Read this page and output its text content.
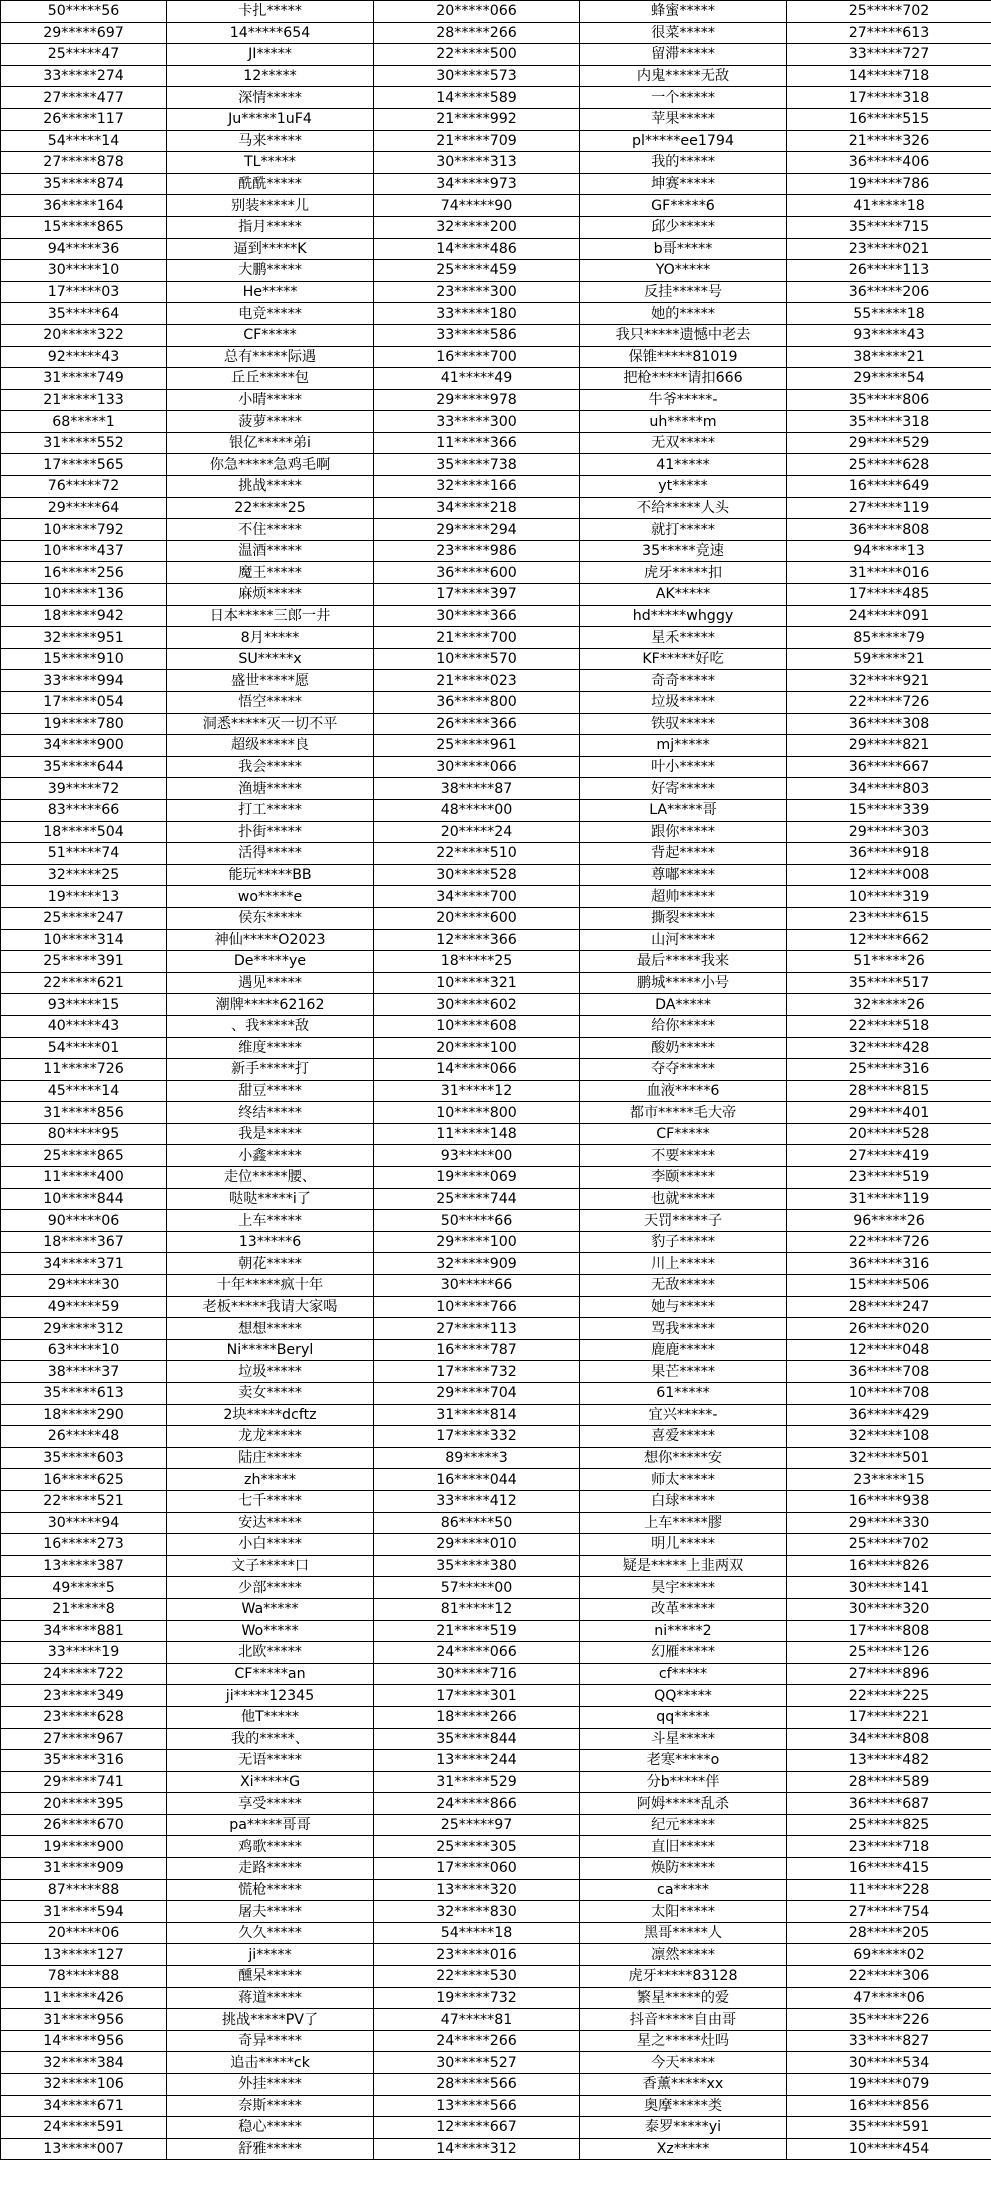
	50*****56	卡扎*****	20*****066	蜂蜜*****	25*****702
	29*****697	14*****654	28*****266	很菜*****	27*****613
	25*****47	JI*****	22*****500	留滞*****	33*****727
	33*****274	12*****	30*****573	内鬼*****无敌	14*****718
	27*****477	深情*****	14*****589	一个*****	17*****318
	26*****117	Ju*****1uF4	21*****992	苹果*****	16*****515
	54*****14	马来*****	21*****709	pl*****ee1794	21*****326
	27*****878	TL*****	30*****313	我的*****	36*****406
	35*****874	酰酰*****	34*****973	坤赛*****	19*****786
	36*****164	别装*****儿	74*****90	GF*****6	41*****18
	15*****865	指月*****	32*****200	邱少*****	35*****715
	94*****36	逼到*****K	14*****486	b哥*****	23*****021
	30*****10	大鹏*****	25*****459	YO*****	26*****113
	17*****03	He*****	23*****300	反挂*****号	36*****206
	35*****64	电竞*****	33*****180	她的*****	55*****18
	20*****322	CF*****	33*****586	我只*****遗憾中老去	93*****43
	92*****43	总有*****际遇	16*****700	保锥*****81019	38*****21
	31*****749	丘丘*****包	41*****49	把枪*****请扣666	29*****54
	21*****133	小晴*****	29*****978	牛爷*****-	35*****806
	68*****1	菠萝*****	33*****300	uh*****m	35*****318
	31*****552	银亿*****弟i	11*****366	无双*****	29*****529
	17*****565	你急*****急鸡毛啊	35*****738	41*****	25*****628
	76*****72	挑战*****	32*****166	yt*****	16*****649
	29*****64	22*****25	34*****218	不给*****人头	27*****119
	10*****792	不住*****	29*****294	就打*****	36*****808
	10*****437	温酒*****	23*****986	35*****竞速	94*****13
	16*****256	魔王*****	36*****600	虎牙*****扣	31*****016
	10*****136	麻烦*****	17*****397	AK*****	17*****485
	18*****942	日本*****三郎一井	30*****366	hd*****whggy	24*****091
	32*****951	8月*****	21*****700	星禾*****	85*****79
	15*****910	SU*****x	10*****570	KF*****好吃	59*****21
	33*****994	盛世*****愿	21*****023	奇奇*****	32*****921
	17*****054	悟空*****	36*****800	垃圾*****	22*****726
	19*****780	洞悉*****灭一切不平	26*****366	铁驭*****	36*****308
	34*****900	超级*****良	25*****961	mj*****	29*****821
	35*****644	我会*****	30*****066	叶小*****	36*****667
	39*****72	渔塘*****	38*****87	好寄*****	34*****803
	83*****66	打工*****	48*****00	LA*****哥	15*****339
	18*****504	扑街*****	20*****24	跟你*****	29*****303
	51*****74	活得*****	22*****510	背起*****	36*****918
	32*****25	能玩*****BB	30*****528	尊嘟*****	12*****008
	19*****13	wo*****e	34*****700	超帅*****	10*****319
	25*****247	侯东*****	20*****600	撕裂*****	23*****615
	10*****314	神仙*****O2023	12*****366	山河*****	12*****662
	25*****391	De*****ye	18*****25	最后*****我来	51*****26
	22*****621	遇见*****	10*****321	鹏城*****小号	35*****517
	93*****15	潮牌*****62162	30*****602	DA*****	32*****26
	40*****43	、我*****敌	10*****608	给你*****	22*****518
	54*****01	维度*****	20*****100	酸奶*****	32*****428
	11*****726	新手*****打	14*****066	夺夺*****	25*****316
	45*****14	甜豆*****	31*****12	血液*****6	28*****815
	31*****856	终结*****	10*****800	都市*****毛大帝	29*****401
	80*****95	我是*****	11*****148	CF*****	20*****528
	25*****865	小鑫*****	93*****00	不要*****	27*****419
	11*****400	走位*****腰、	19*****069	李颐*****	23*****519
	10*****844	哒哒*****i了	25*****744	也就*****	31*****119
	90*****06	上车*****	50*****66	天罚*****子	96*****26
	18*****367	13*****6	29*****100	豹子*****	22*****726
	34*****371	朝花*****	32*****909	川上*****	36*****316
	29*****30	十年*****疯十年	30*****66	无敌*****	15*****506
	49*****59	老板*****我请大家喝	10*****766	她与*****	28*****247
	29*****312	想想*****	27*****113	骂我*****	26*****020
	63*****10	Ni*****Beryl	16*****787	鹿鹿*****	12*****048
	38*****37	垃圾*****	17*****732	果芒*****	36*****708
	35*****613	卖女*****	29*****704	61*****	10*****708
	18*****290	2块*****dcftz	31*****814	宜兴*****-	36*****429
	26*****48	龙龙*****	17*****332	喜爱*****	32*****108
	35*****603	陆庄*****	89*****3	想你*****安	32*****501
	16*****625	zh*****	16*****044	师太*****	23*****15
	22*****521	七千*****	33*****412	白球*****	16*****938
	30*****94	安达*****	86*****50	上车*****膠	29*****330
	16*****273	小白*****	29*****010	明儿*****	25*****702
	13*****387	文子*****口	35*****380	疑是*****上韭两双	16*****826
	49*****5	少部*****	57*****00	昊宇*****	30*****141
	21*****8	Wa*****	81*****12	改革*****	30*****320
	34*****881	Wo*****	21*****519	ni*****2	17*****808
	33*****19	北欧*****	24*****066	幻雁*****	25*****126
	24*****722	CF*****an	30*****716	cf*****	27*****896
	23*****349	ji*****12345	17*****301	QQ*****	22*****225
	23*****628	他T*****	18*****266	qq*****	17*****221
	27*****967	我的*****、	35*****844	斗星*****	34*****808
	35*****316	无语*****	13*****244	老寒*****o	13*****482
	29*****741	Xi*****G	31*****529	分b*****伴	28*****589
	20*****395	享受*****	24*****866	阿姆*****乱杀	36*****687
	26*****670	pa*****哥哥	25*****97	纪元*****	25*****825
	19*****900	鸡歌*****	25*****305	直旧*****	23*****718
	31*****909	走路*****	17*****060	焕防*****	16*****415
	87*****88	慌枪*****	13*****320	ca*****	11*****228
	31*****594	屠夫*****	32*****830	太阳*****	27*****754
	20*****06	久久*****	54*****18	黑哥*****人	28*****205
	13*****127	ji*****	23*****016	凛然*****	69*****02
	78*****88	醺呆*****	22*****530	虎牙*****83128	22*****306
	11*****426	蒋道*****	19*****732	繁星*****的爱	47*****06
	31*****956	挑战*****PV了	47*****81	抖音*****自由哥	35*****226
	14*****956	奇异*****	24*****266	星之*****灶吗	33*****827
	32*****384	追击*****ck	30*****527	今天*****	30*****534
	32*****106	外挂*****	28*****566	香薰*****xx	19*****079
	34*****671	奈斯*****	13*****566	奥摩*****类	16*****856
	24*****591	稳心*****	12*****667	泰罗*****yi	35*****591
	13*****007	舒雅*****	14*****312	Xz*****	10*****454
